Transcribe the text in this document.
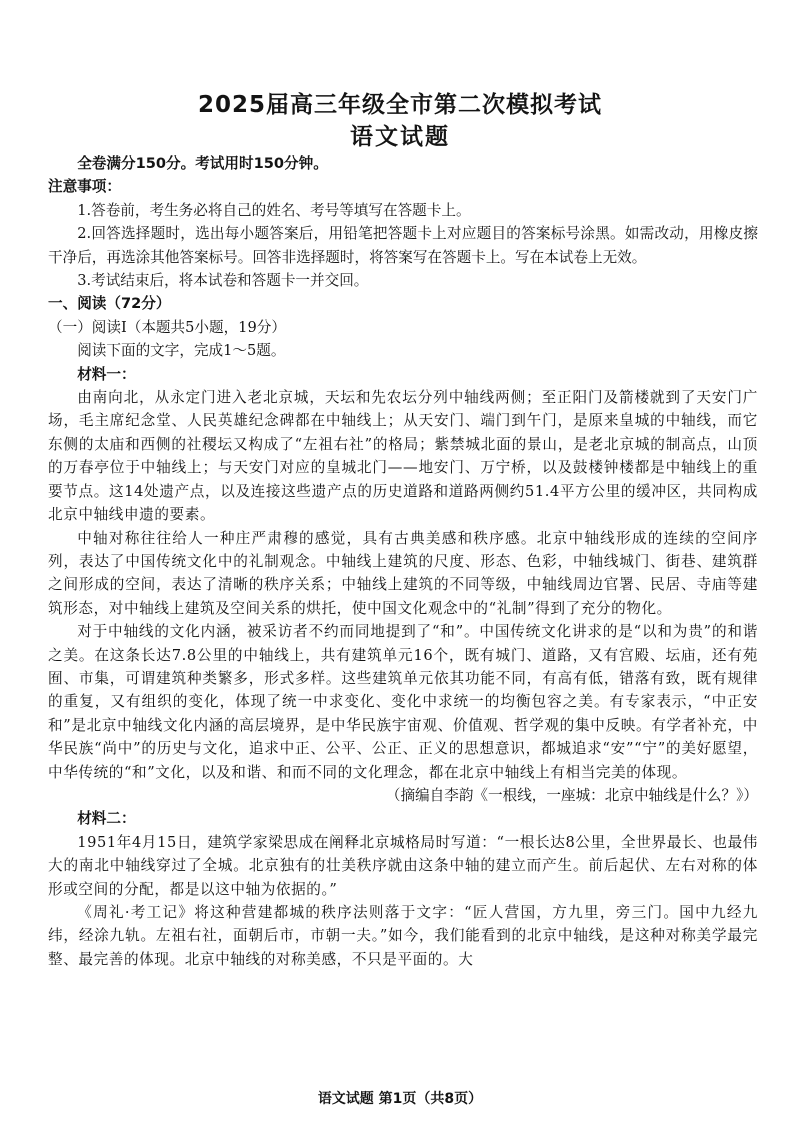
2025届高三年级全市第二次模拟考试
语文试题

全卷满分150分。考试用时150分钟。

注意事项：

1.答卷前，考生务必将自己的姓名、考号等填写在答题卡上。

2.回答选择题时，选出每小题答案后，用铅笔把答题卡上对应题目的答案标号涂黑。如需改动，用橡皮擦干净后，再选涂其他答案标号。回答非选择题时，将答案写在答题卡上。写在本试卷上无效。

3.考试结束后，将本试卷和答题卡一并交回。

一、阅读（72分）

（一）阅读Ⅰ（本题共5小题，19分）

阅读下面的文字，完成1～5题。

材料一：

由南向北，从永定门进入老北京城，天坛和先农坛分列中轴线两侧；至正阳门及箭楼就到了天安门广场，毛主席纪念堂、人民英雄纪念碑都在中轴线上；从天安门、端门到午门，是原来皇城的中轴线，而它东侧的太庙和西侧的社稷坛又构成了“左祖右社”的格局；紫禁城北面的景山，是老北京城的制高点，山顶的万春亭位于中轴线上；与天安门对应的皇城北门——地安门、万宁桥，以及鼓楼钟楼都是中轴线上的重要节点。这14处遗产点，以及连接这些遗产点的历史道路和道路两侧约51.4平方公里的缓冲区，共同构成北京中轴线申遗的要素。

中轴对称往往给人一种庄严肃穆的感觉，具有古典美感和秩序感。北京中轴线形成的连续的空间序列，表达了中国传统文化中的礼制观念。中轴线上建筑的尺度、形态、色彩，中轴线城门、街巷、建筑群之间形成的空间，表达了清晰的秩序关系；中轴线上建筑的不同等级，中轴线周边官署、民居、寺庙等建筑形态，对中轴线上建筑及空间关系的烘托，使中国文化观念中的“礼制”得到了充分的物化。

对于中轴线的文化内涵，被采访者不约而同地提到了“和”。中国传统文化讲求的是“以和为贵”的和谐之美。在这条长达7.8公里的中轴线上，共有建筑单元16个，既有城门、道路，又有宫殿、坛庙，还有苑囿、市集，可谓建筑种类繁多，形式多样。这些建筑单元依其功能不同，有高有低，错落有致，既有规律的重复，又有组织的变化，体现了统一中求变化、变化中求统一的均衡包容之美。有专家表示，“中正安和”是北京中轴线文化内涵的高层境界，是中华民族宇宙观、价值观、哲学观的集中反映。有学者补充，中华民族“尚中”的历史与文化，追求中正、公平、公正、正义的思想意识，都城追求“安”“宁”的美好愿望，中华传统的“和”文化，以及和谐、和而不同的文化理念，都在北京中轴线上有相当完美的体现。

（摘编自李韵《一根线，一座城：北京中轴线是什么？》）

材料二：

1951年4月15日，建筑学家梁思成在阐释北京城格局时写道：“一根长达8公里，全世界最长、也最伟大的南北中轴线穿过了全城。北京独有的壮美秩序就由这条中轴的建立而产生。前后起伏、左右对称的体形或空间的分配，都是以这中轴为依据的。”

《周礼·考工记》将这种营建都城的秩序法则落于文字：“匠人营国，方九里，旁三门。国中九经九纬，经涂九轨。左祖右社，面朝后市，市朝一夫。”如今，我们能看到的北京中轴线，是这种对称美学最完整、最完善的体现。北京中轴线的对称美感，不只是平面的。大

语文试题 第1页（共8页）
